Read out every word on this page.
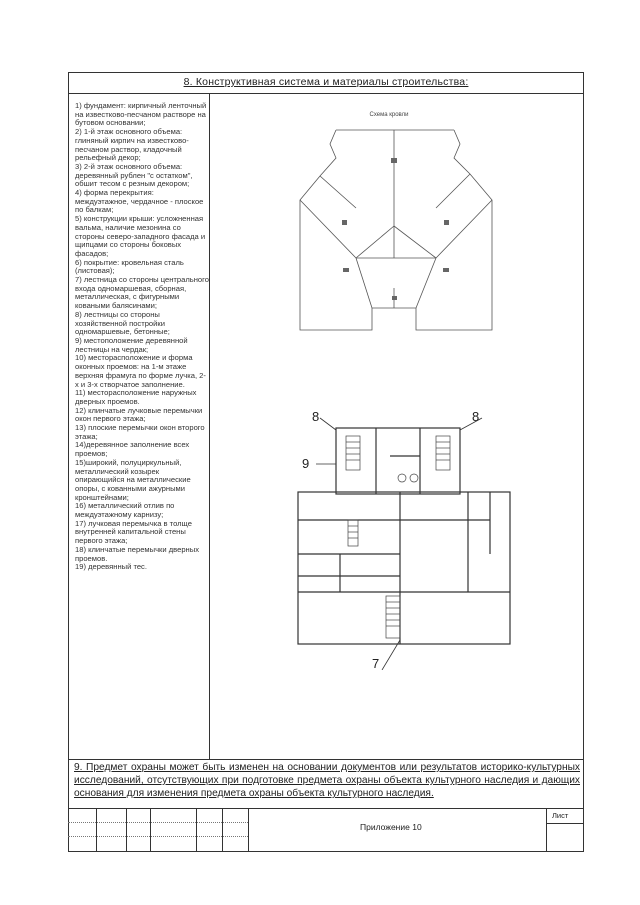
8. Конструктивная система и материалы строительства:
1) фундамент: кирпичный ленточный на известково-песчаном растворе на бутовом основании;
2) 1-й этаж основного объема: глиняный кирпич на известково-песчаном раствор, кладочный рельефный декор;
3) 2-й этаж основного объема: деревянный рублен "с остатком", обшит тесом с резным декором;
4) форма перекрытия: междуэтажное, чердачное - плоское по балкам;
5) конструкции крыши: усложненная вальма, наличие мезонина со стороны северо-западного фасада и щипцами со стороны боковых фасадов;
6) покрытие: кровельная сталь (листовая);
7) лестница со стороны центрального входа одномаршевая, сборная, металлическая, с фигурными коваными балясинами;
8) лестницы со стороны хозяйственной постройки одномаршевые, бетонные;
9) местоположение деревянной лестницы на чердак;
10) месторасположение и форма оконных проемов: на 1-м этаже верхняя фрамуга по форме лучка, 2-х и 3-х створчатое заполнение.
11) месторасположение наружных дверных проемов.
12) клинчатые лучковые перемычки окон первого этажа;
13) плоские перемычки окон второго этажа;
14)деревянное заполнение всех проемов;
15)широкий, полуциркульный, металлический козырек опирающийся на металлические опоры, с кованными ажурными кронштейнами;
16) металлический отлив по междуэтажному карнизу;
17) лучковая перемычка в толще внутренней капитальной стены первого этажа;
18) клинчатые перемычки дверных проемов.
19) деревянный тес.
Схема кровли
8	8
9
7
9. Предмет охраны может быть изменен на основании документов или результатов историко-культурных исследований, отсутствующих при подготовке предмета охраны объекта культурного наследия и дающих основания для изменения предмета охраны объекта культурного наследия.
Приложение 10
Лист
